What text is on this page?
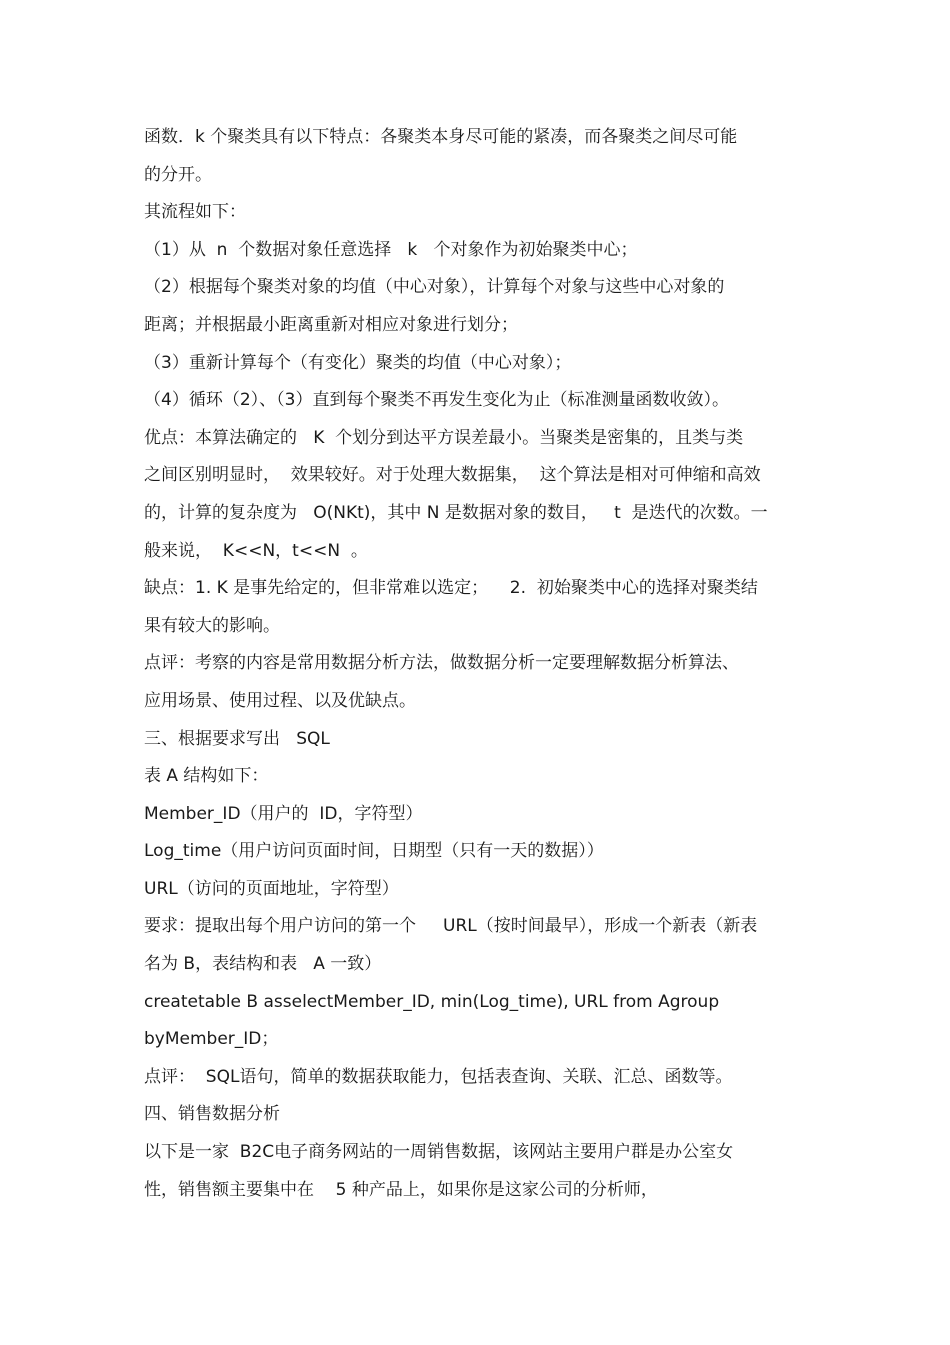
函数．k 个聚类具有以下特点：各聚类本身尽可能的紧凑，而各聚类之间尽可能
的分开。
其流程如下：
（1）从  n  个数据对象任意选择   k   个对象作为初始聚类中心；
（2）根据每个聚类对象的均值（中心对象），计算每个对象与这些中心对象的
距离；并根据最小距离重新对相应对象进行划分；
（3）重新计算每个（有变化）聚类的均值（中心对象）；
（4）循环（2）、（3）直到每个聚类不再发生变化为止（标准测量函数收敛）。
优点：本算法确定的   K  个划分到达平方误差最小。当聚类是密集的，且类与类
之间区别明显时，  效果较好。对于处理大数据集，  这个算法是相对可伸缩和高效
的，计算的复杂度为   O(NKt)，其中 N 是数据对象的数目，   t  是迭代的次数。一
般来说，  K<<N，t<<N  。
缺点：1. K 是事先给定的，但非常难以选定；    2.  初始聚类中心的选择对聚类结
果有较大的影响。
点评：考察的内容是常用数据分析方法，做数据分析一定要理解数据分析算法、
应用场景、使用过程、以及优缺点。
三、根据要求写出   SQL
表 A 结构如下：
Member_ID（用户的  ID，字符型）
Log_time（用户访问页面时间，日期型（只有一天的数据））
URL（访问的页面地址，字符型）
要求：提取出每个用户访问的第一个     URL（按时间最早），形成一个新表（新表
名为 B，表结构和表   A 一致）
createtable B asselectMember_ID, min(Log_time), URL from Agroup
byMember_ID；
点评：  SQL语句，简单的数据获取能力，包括表查询、关联、汇总、函数等。
四、销售数据分析
以下是一家  B2C电子商务网站的一周销售数据，该网站主要用户群是办公室女
性，销售额主要集中在    5 种产品上，如果你是这家公司的分析师，
